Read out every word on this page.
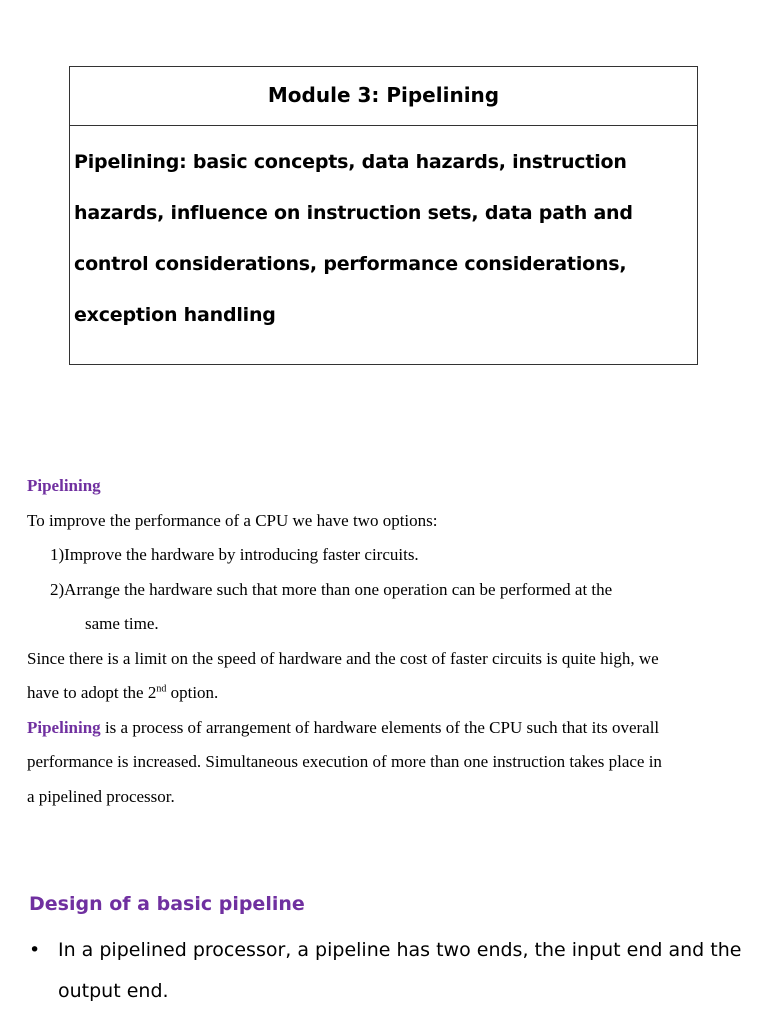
Module 3: Pipelining
Pipelining: basic concepts, data hazards, instruction
hazards, influence on instruction sets, data path and
control considerations, performance considerations,
exception handling
Pipelining
To improve the performance of a CPU we have two options:
1)Improve the hardware by introducing faster circuits.
2)Arrange the hardware such that more than one operation can be performed at the
same time.
Since there is a limit on the speed of hardware and the cost of faster circuits is quite high, we
have to adopt the 2nd option.
Pipelining is a process of arrangement of hardware elements of the CPU such that its overall
performance is increased. Simultaneous execution of more than one instruction takes place in
a pipelined processor.
Design of a basic pipeline
• In a pipelined processor, a pipeline has two ends, the input end and the
output end.
